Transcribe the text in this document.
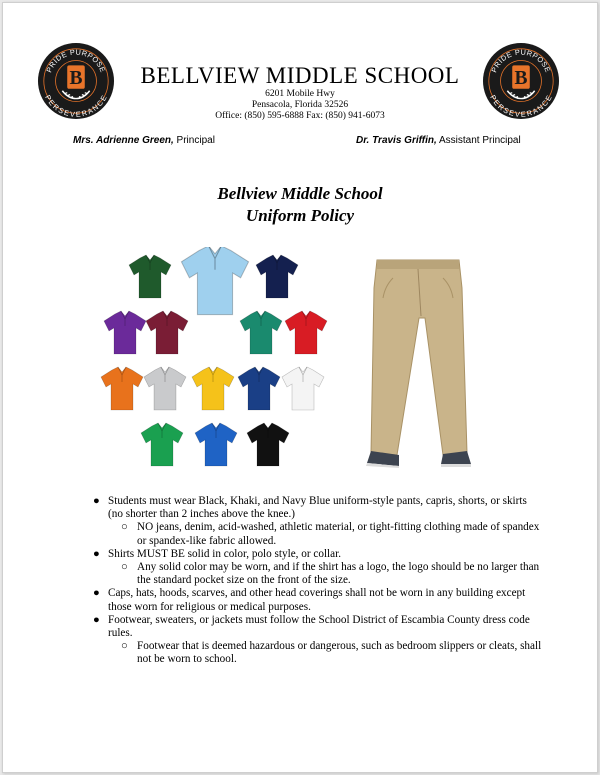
PRIDE PURPOSE
PERSEVERANCE
B	PRIDE PURPOSE
PERSEVERANCE
B
BELLVIEW MIDDLE SCHOOL
6201 Mobile Hwy
Pensacola, Florida 32526
Office: (850) 595-6888 Fax: (850) 941-6073
Mrs. Adrienne Green, Principal	Dr. Travis Griffin, Assistant Principal
Bellview Middle School
Uniform Policy
● Students must wear Black, Khaki, and Navy Blue uniform-style pants, capris, shorts, or skirts (no shorter than 2 inches above the knee.)
○ NO jeans, denim, acid-washed, athletic material, or tight-fitting clothing made of spandex or spandex-like fabric allowed.
● Shirts MUST BE solid in color, polo style, or collar.
○ Any solid color may be worn, and if the shirt has a logo, the logo should be no larger than the standard pocket size on the front of the size.
● Caps, hats, hoods, scarves, and other head coverings shall not be worn in any building except those worn for religious or medical purposes.
● Footwear, sweaters, or jackets must follow the School District of Escambia County dress code rules.
○ Footwear that is deemed hazardous or dangerous, such as bedroom slippers or cleats, shall not be worn to school.
